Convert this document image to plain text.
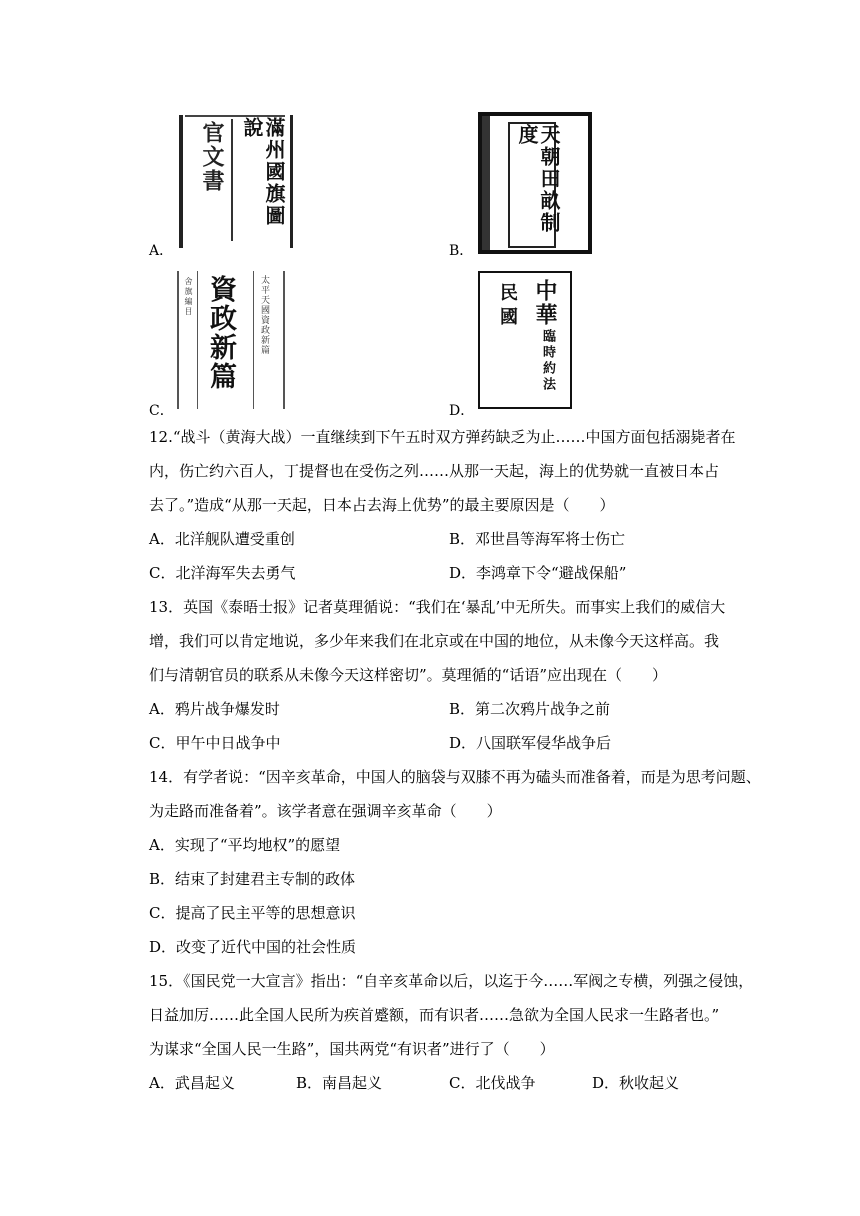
A．
官文書	滿州國旗圖說
B．
天朝田畝制度
C．
舍旗編目 資政新篇	太平天國資政新篇
D．
臨時約法
中華
民國
12.“战斗（黄海大战）一直继续到下午五时双方弹药缺乏为止……中国方面包括溺毙者在
内，伤亡约六百人，丁提督也在受伤之列……从那一天起，海上的优势就一直被日本占
去了。”造成“从那一天起，日本占去海上优势”的最主要原因是（　　）
A．北洋舰队遭受重创	B．邓世昌等海军将士伤亡
C．北洋海军失去勇气	D．李鸿章下令“避战保船”
13．英国《泰晤士报》记者莫理循说：“我们在‘暴乱’中无所失。而事实上我们的威信大
增，我们可以肯定地说，多少年来我们在北京或在中国的地位，从未像今天这样高。我
们与清朝官员的联系从未像今天这样密切”。莫理循的“话语”应出现在（　　）
A．鸦片战争爆发时	B．第二次鸦片战争之前
C．甲午中日战争中	D．八国联军侵华战争后
14．有学者说：“因辛亥革命，中国人的脑袋与双膝不再为磕头而准备着，而是为思考问题、
为走路而准备着”。该学者意在强调辛亥革命（　　）
A．实现了“平均地权”的愿望
B．结束了封建君主专制的政体
C．提高了民主平等的思想意识
D．改变了近代中国的社会性质
15．《国民党一大宣言》指出：“自辛亥革命以后，以迄于今……军阀之专横，列强之侵蚀，
日益加厉……此全国人民所为疾首蹙额，而有识者……急欲为全国人民求一生路者也。”
为谋求“全国人民一生路”，国共两党“有识者”进行了（　　）
A．武昌起义	B．南昌起义	C．北伐战争	D．秋收起义
